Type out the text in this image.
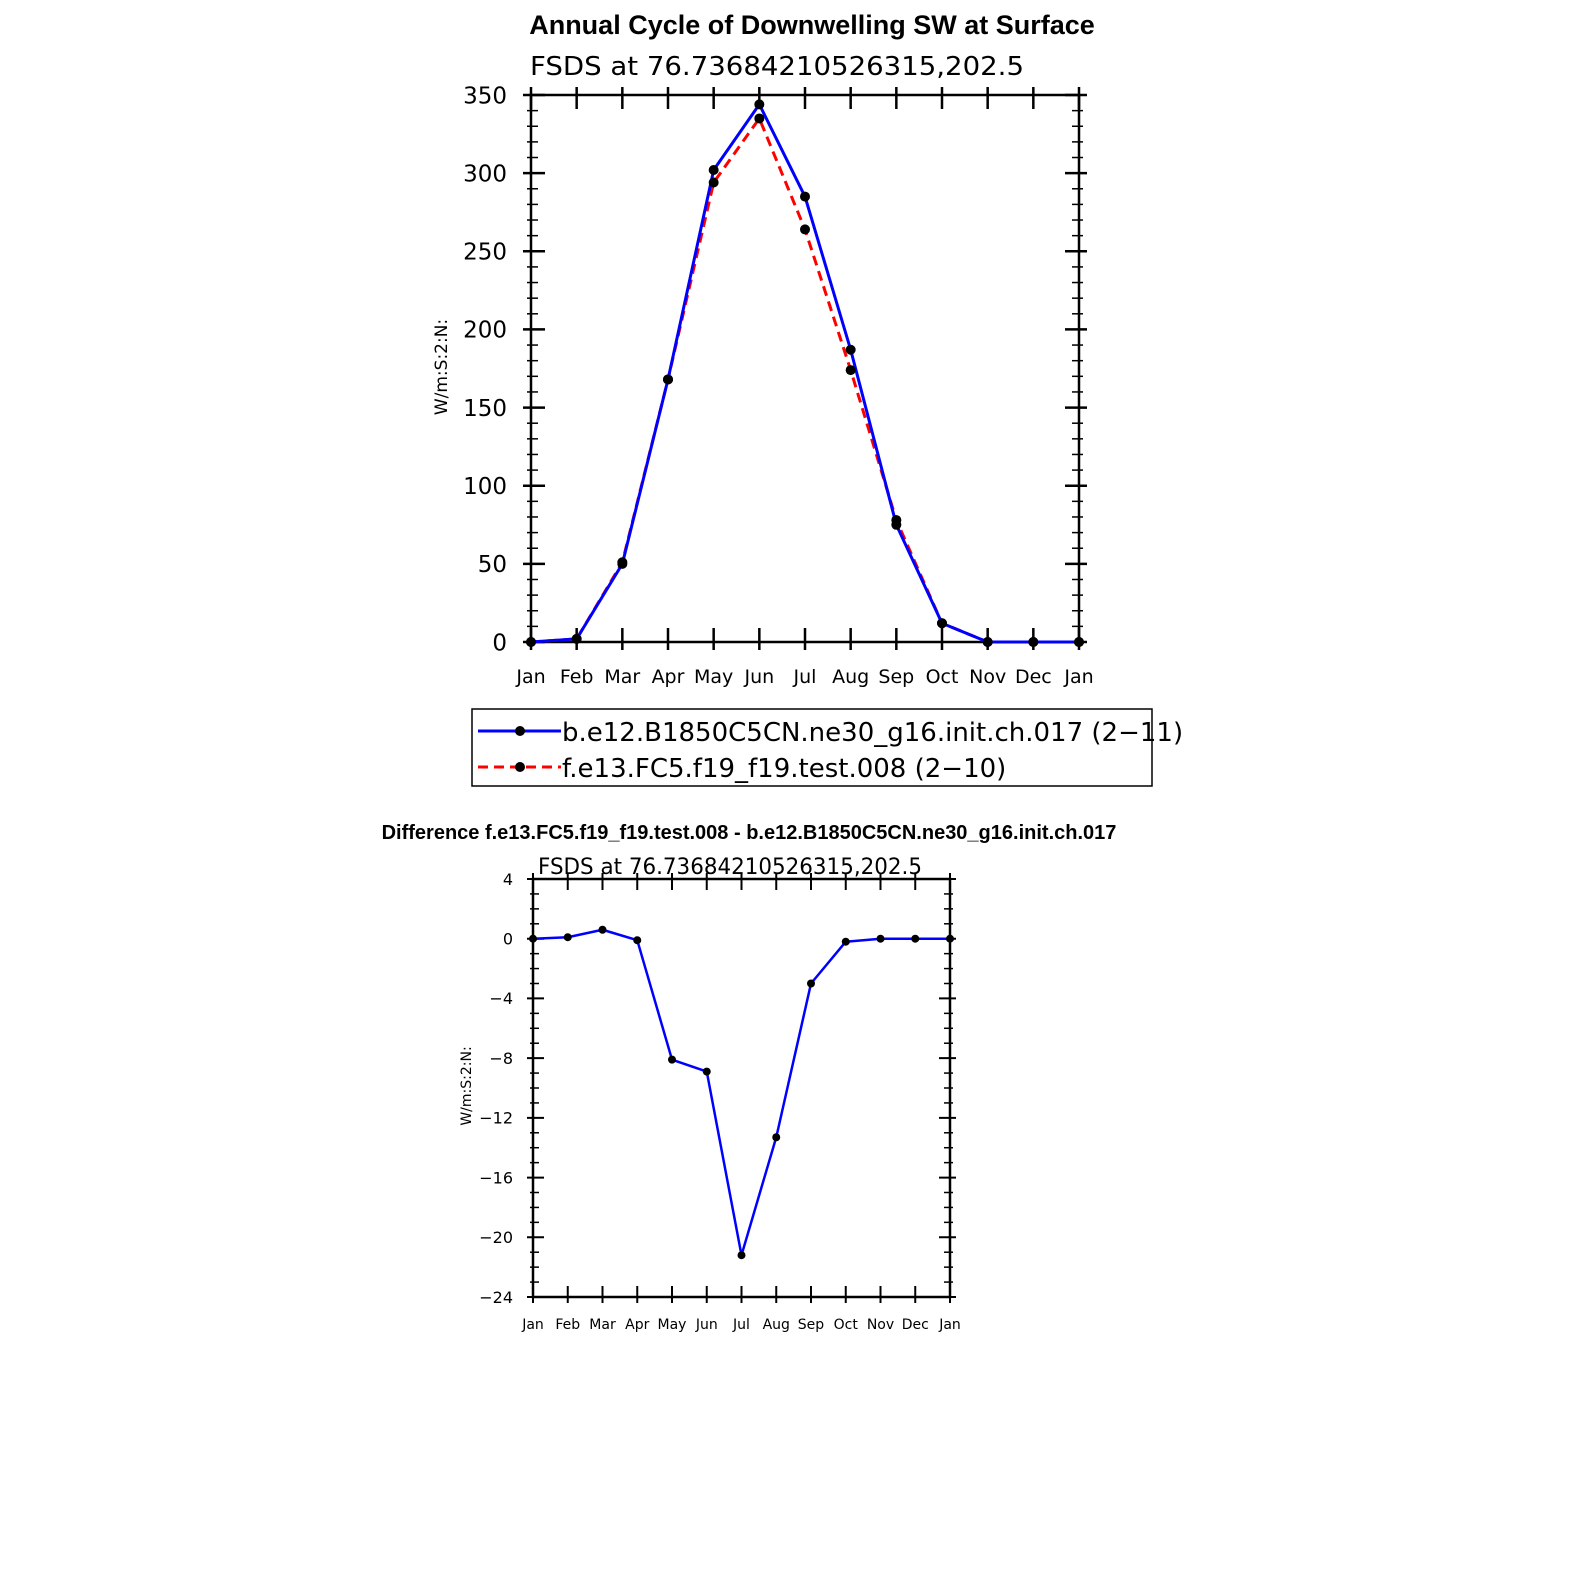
Annual Cycle of Downwelling SW at Surface
FSDS at 76.73684210526315,202.5
W/m:S:2:N:
Jan Feb Mar Apr May Jun Jul Aug Sep Oct Nov Dec Jan
0
50
100
150
200
250
300
350
b.e12.B1850C5CN.ne30_g16.init.ch.017 (2−11)
f.e13.FC5.f19_f19.test.008 (2−10)
Difference f.e13.FC5.f19_f19.test.008 - b.e12.B1850C5CN.ne30_g16.init.ch.017
FSDS at 76.73684210526315,202.5
W/m:S:2:N:
Jan Feb Mar Apr May Jun Jul Aug Sep Oct Nov Dec Jan
−24
−20
−16
−12
−8
−4
0
4
